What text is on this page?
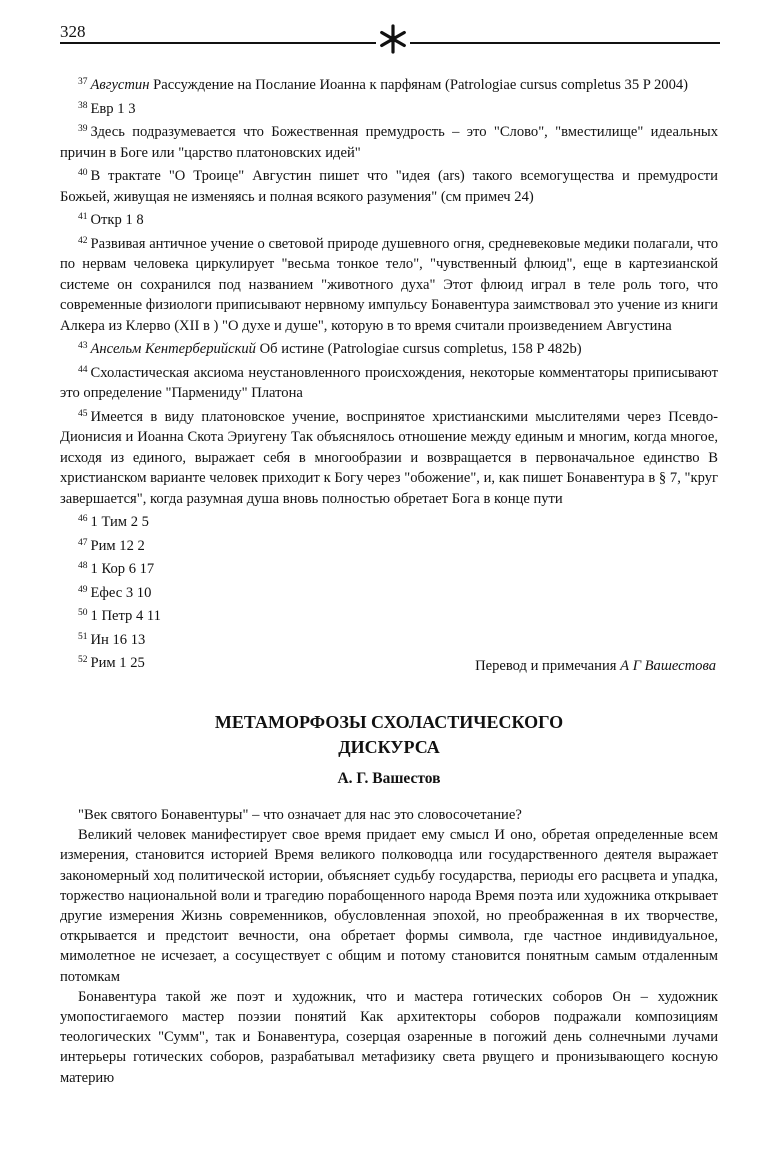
328

$^{37}$ Августин Рассуждение на Послание Иоанна к парфянам (Patrologiae cursus completus 35 P 2004)

$^{38}$ Евр 1 3

$^{39}$ Здесь подразумевается что Божественная премудрость – это "Слово", "вместилище" идеальных причин в Боге или "царство платоновских идей"

$^{40}$ В трактате "О Троице" Августин пишет что "идея (ars) такого всемогущества и премудрости Божьей, живущая не изменяясь и полная всякого разумения" (см примеч 24)

$^{41}$ Откр 1 8

$^{42}$ Развивая античное учение о световой природе душевного огня, средневековые медики полагали, что по нервам человека циркулирует "весьма тонкое тело", "чувственный флюид", еще в картезианской системе он сохранился под названием "животного духа" Этот флюид играл в теле роль того, что современные физиологи приписывают нервному импульсу Бонавентура заимствовал это учение из книги Алкера из Клерво (XII в ) "О духе и душе", которую в то время считали произведением Августина

$^{43}$ Ансельм Кентерберийский Об истине (Patrologiae cursus completus, 158 P 482b)

$^{44}$ Схоластическая аксиома неустановленного происхождения, некоторые комментаторы приписывают это определение "Пармениду" Платона

$^{45}$ Имеется в виду платоновское учение, воспринятое христианскими мыслителями через Псевдо-Дионисия и Иоанна Скота Эриугену Так объяснялось отношение между единым и многим, когда многое, исходя из единого, выражает себя в многообразии и возвращается в первоначальное единство В христианском варианте человек приходит к Богу через "обожение", и, как пишет Бонавентура в § 7, "круг завершается", когда разумная душа вновь полностью обретает Бога в конце пути

$^{46}$ 1 Тим 2 5

$^{47}$ Рим 12 2

$^{48}$ 1 Кор 6 17

$^{49}$ Ефес 3 10

$^{50}$ 1 Петр 4 11

$^{51}$ Ин 16 13

$^{52}$ Рим 1 25	Перевод и примечания А Г Вашестова
МЕТАМОРФОЗЫ СХОЛАСТИЧЕСКОГО
ДИСКУРСА
А. Г. Вашестов

"Век святого Бонавентуры" – что означает для нас это словосочетание?

Великий человек манифестирует свое время придает ему смысл И оно, обретая определенные всем измерения, становится историей Время великого полководца или государственного деятеля выражает закономерный ход политической истории, объясняет судьбу государства, периоды его расцвета и упадка, торжество национальной воли и трагедию порабощенного народа Время поэта или художника открывает другие измерения Жизнь современников, обусловленная эпохой, но преображенная в их творчестве, открывается и предстоит вечности, она обретает формы символа, где частное индивидуальное, мимолетное не исчезает, а сосуществует с общим и потому становится понятным самым отдаленным потомкам

Бонавентура такой же поэт и художник, что и мастера готических соборов Он – художник умопостигаемого мастер поэзии понятий Как архитекторы соборов подражали композициям теологических "Сумм", так и Бонавентура, созерцая озаренные в погожий день солнечными лучами интерьеры готических соборов, разрабатывал метафизику света рвущего и пронизывающего косную материю
